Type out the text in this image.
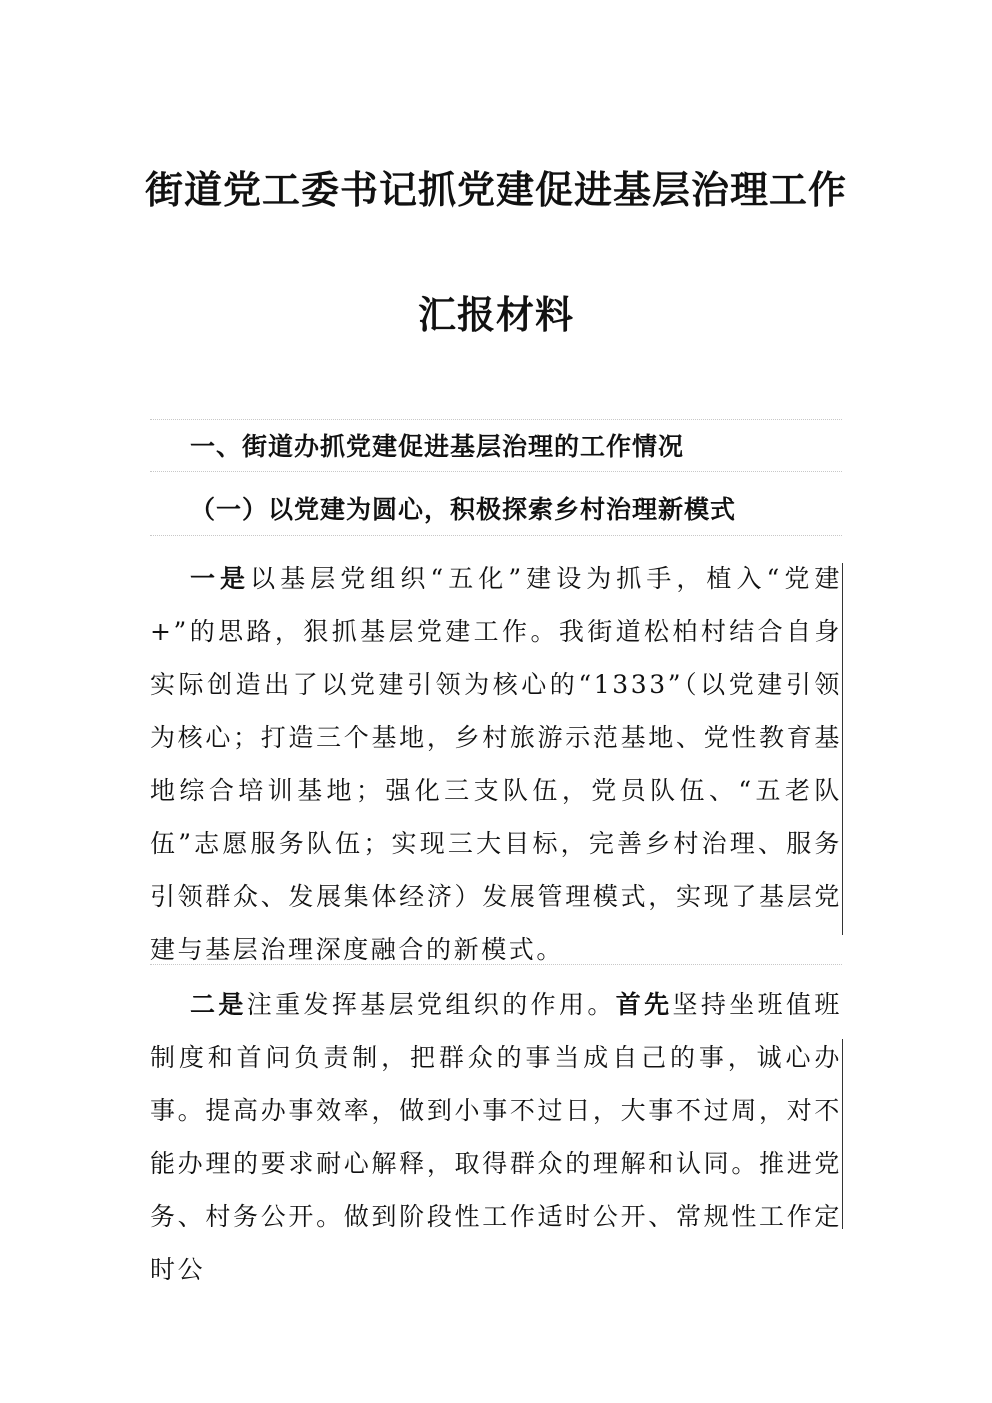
街道党工委书记抓党建促进基层治理工作
汇报材料
一、街道办抓党建促进基层治理的工作情况
（一）以党建为圆心，积极探索乡村治理新模式

一是以基层党组织“五化”建设为抓手，植入“党建+”的思路，狠抓基层党建工作。我街道松柏村结合自身实际创造出了以党建引领为核心的“1333”（以党建引领为核心；打造三个基地，乡村旅游示范基地、党性教育基地综合培训基地；强化三支队伍，党员队伍、“五老队伍”志愿服务队伍；实现三大目标，完善乡村治理、服务引领群众、发展集体经济）发展管理模式，实现了基层党建与基层治理深度融合的新模式。

二是注重发挥基层党组织的作用。首先坚持坐班值班制度和首问负责制，把群众的事当成自己的事，诚心办事。提高办事效率，做到小事不过日，大事不过周，对不能办理的要求耐心解释，取得群众的理解和认同。推进党务、村务公开。做到阶段性工作适时公开、常规性工作定时公
